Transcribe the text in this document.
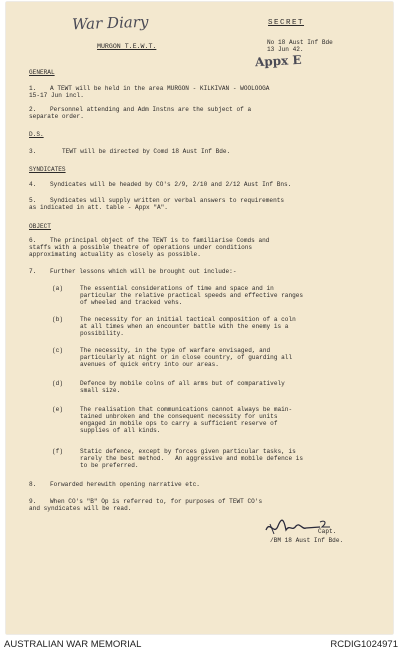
War Diary	SECRET
MURGON T.E.W.T.
No 18 Aust Inf Bde
13 Jun 42.
Appx E
GENERAL
1. A TEWT will be held in the area MURGON - KILKIVAN - WOOLOOGA
15-17 Jun incl.
2. Personnel attending and Adm Instns are the subject of a
separate order.
D.S.
3.	TEWT will be directed by Comd 18 Aust Inf Bde.
SYNDICATES
4. Syndicates will be headed by CO's 2/9, 2/10 and 2/12 Aust Inf Bns.
5. Syndicates will supply written or verbal answers to requirements
as indicated in att. table - Appx "A".
OBJECT
6. The principal object of the TEWT is to familiarise Comds and
staffs with a possible theatre of operations under conditions
approximating actuality as closely as possible.
7. Further lessons which will be brought out include:-
(a)	The essential considerations of time and space and in
particular the relative practical speeds and effective ranges
of wheeled and tracked vehs.
(b)	The necessity for an initial tactical composition of a coln
at all times when an encounter battle with the enemy is a
possibility.
(c)	The necessity, in the type of warfare envisaged, and
particularly at night or in close country, of guarding all
avenues of quick entry into our areas.
(d)	Defence by mobile colns of all arms but of comparatively
small size.
(e)	The realisation that communications cannot always be main-
tained unbroken and the consequent necessity for units
engaged in mobile ops to carry a sufficient reserve of
supplies of all kinds.
(f)	Static defence, except by forces given particular tasks, is
rarely the best method.   An aggressive and mobile defence is
to be preferred.
8. Forwarded herewith opening narrative etc.
9. When CO's "B" Op is referred to, for purposes of TEWT CO's
and syndicates will be read.
Capt.
/BM 18 Aust Inf Bde.
AUSTRALIAN WAR MEMORIAL	RCDIG1024971
